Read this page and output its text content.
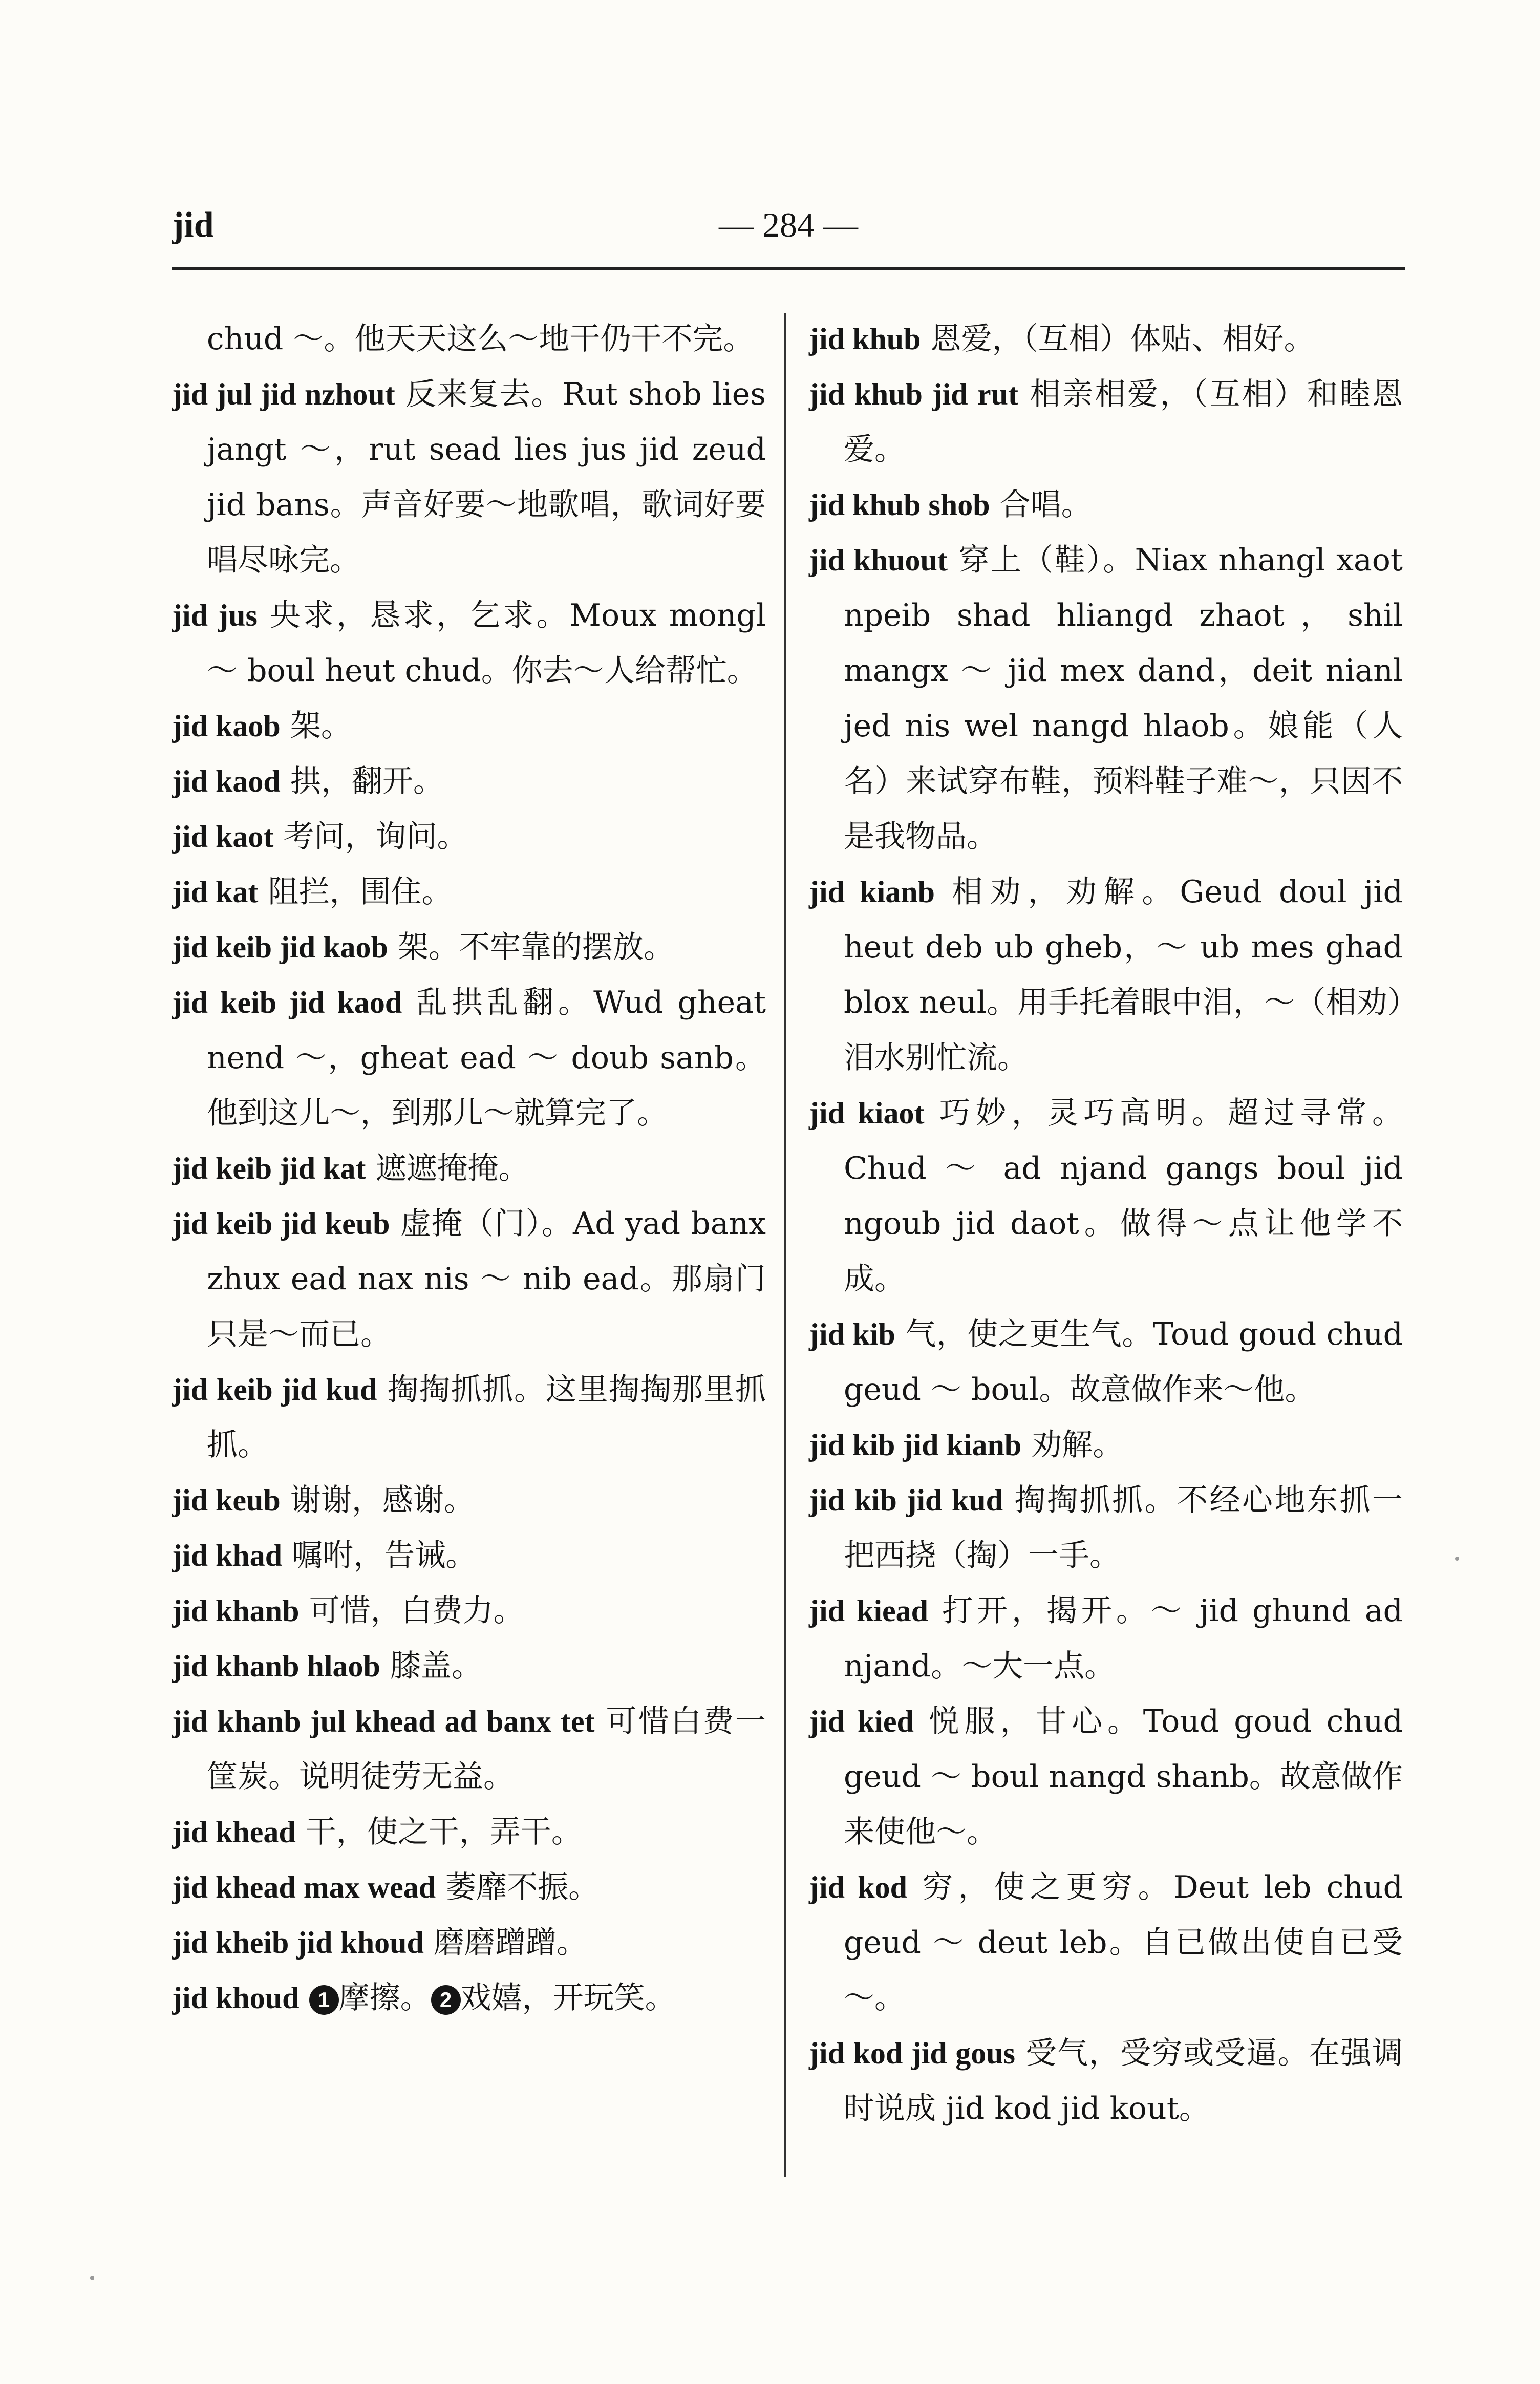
jid	— 284 —
chud ～。他天天这么～地干仍干不完。
jid jul jid nzhout 反来复去。Rut shob lies jangt ～，rut sead lies jus jid zeud jid bans。声音好要～地歌唱，歌词好要唱尽咏完。
jid jus 央求，恳求，乞求。Moux mongl ～ boul heut chud。你去～人给帮忙。
jid kaob 架。
jid kaod 拱，翻开。
jid kaot 考问，询问。
jid kat 阻拦，围住。
jid keib jid kaob 架。不牢靠的摆放。
jid keib jid kaod 乱拱乱翻。Wud gheat nend ～，gheat ead ～ doub sanb。他到这儿～，到那儿～就算完了。
jid keib jid kat 遮遮掩掩。
jid keib jid keub 虚掩（门）。Ad yad banx zhux ead nax nis ～ nib ead。那扇门只是～而已。
jid keib jid kud 掏掏抓抓。这里掏掏那里抓抓。
jid keub 谢谢，感谢。
jid khad 嘱咐，告诫。
jid khanb 可惜，白费力。
jid khanb hlaob 膝盖。
jid khanb jul khead ad banx tet 可惜白费一筐炭。说明徒劳无益。
jid khead 干，使之干，弄干。
jid khead max wead 萎靡不振。
jid kheib jid khoud 磨磨蹭蹭。
jid khoud 1 摩擦。 2 戏嬉，开玩笑。
jid khub 恩爱，（互相）体贴、相好。
jid khub jid rut 相亲相爱，（互相）和睦恩爱。
jid khub shob 合唱。
jid khuout 穿上（鞋）。Niax nhangl xaot npeib shad hliangd zhaot，shil mangx ～ jid mex dand，deit nianl jed nis wel nangd hlaob。娘能（人名）来试穿布鞋，预料鞋子难～，只因不是我物品。
jid kianb 相劝，劝解。Geud doul jid heut deb ub gheb，～ ub mes ghad blox neul。用手托着眼中泪，～（相劝）泪水别忙流。
jid kiaot 巧妙，灵巧高明。超过寻常。Chud ～ ad njand gangs boul jid ngoub jid daot。做得～点让他学不成。
jid kib 气，使之更生气。Toud goud chud geud ～ boul。故意做作来～他。
jid kib jid kianb 劝解。
jid kib jid kud 掏掏抓抓。不经心地东抓一把西挠（掏）一手。
jid kiead 打开，揭开。～ jid ghund ad njand。～大一点。
jid kied 悦服，甘心。Toud goud chud geud ～ boul nangd shanb。故意做作来使他～。
jid kod 穷，使之更穷。Deut leb chud geud ～ deut leb。自已做出使自已受～。
jid kod jid gous 受气，受穷或受逼。在强调时说成 jid kod jid kout。
